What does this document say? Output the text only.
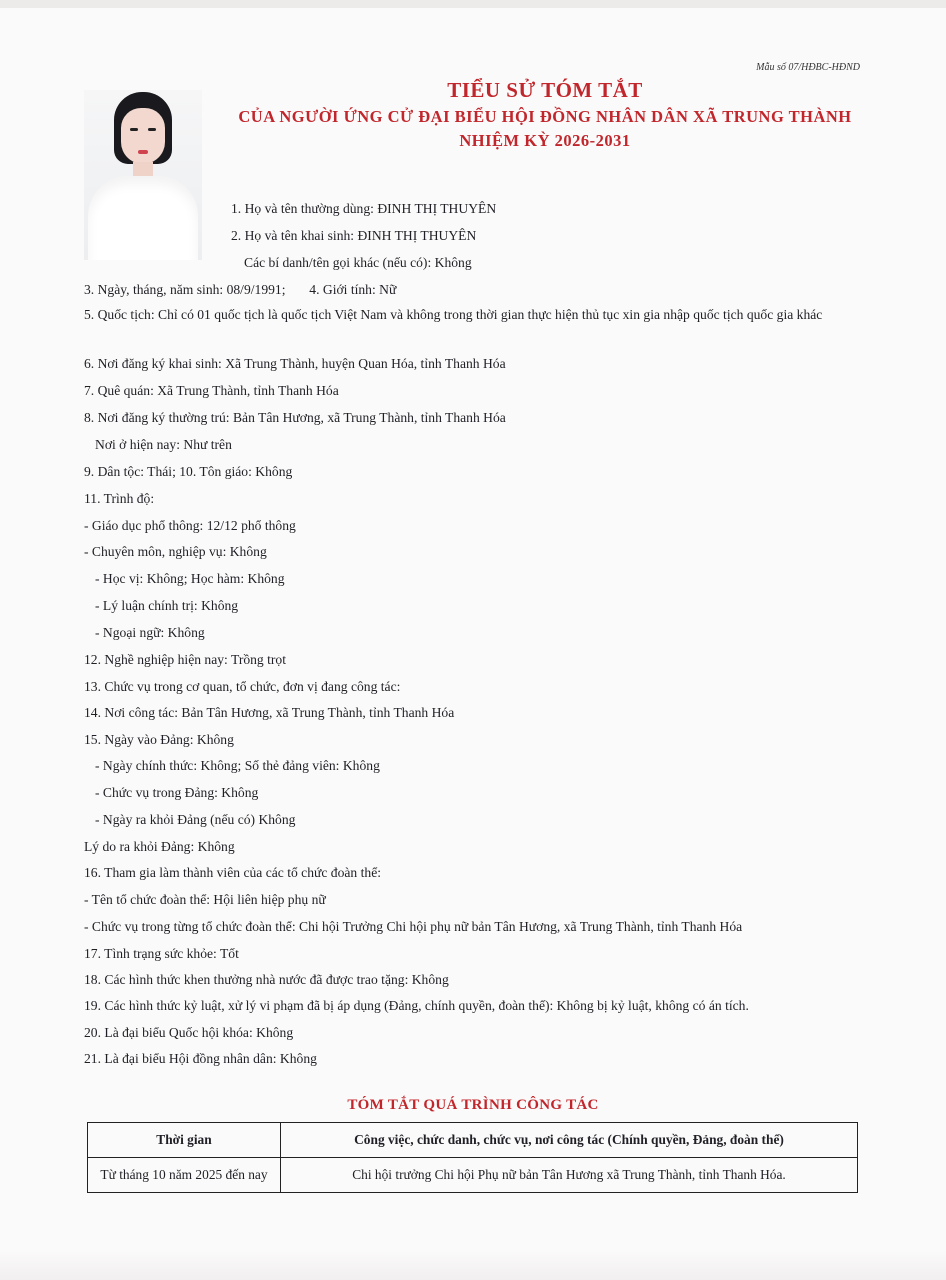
Mẫu số 07/HĐBC-HĐND
TIỂU SỬ TÓM TẮT
CỦA NGƯỜI ỨNG CỬ ĐẠI BIỂU HỘI ĐỒNG NHÂN DÂN XÃ TRUNG THÀNH
NHIỆM KỲ 2026-2031
1. Họ và tên thường dùng: ĐINH THỊ THUYÊN
2. Họ và tên khai sinh: ĐINH THỊ THUYÊN
Các bí danh/tên gọi khác (nếu có): Không
3. Ngày, tháng, năm sinh: 08/9/1991;       4. Giới tính: Nữ
5. Quốc tịch: Chỉ có 01 quốc tịch là quốc tịch Việt Nam và không trong thời gian thực hiện thủ tục xin gia nhập quốc tịch quốc gia khác
6. Nơi đăng ký khai sinh: Xã Trung Thành, huyện Quan Hóa, tỉnh Thanh Hóa
7. Quê quán: Xã Trung Thành, tỉnh Thanh Hóa
8. Nơi đăng ký thường trú: Bản Tân Hương, xã Trung Thành, tỉnh Thanh Hóa
Nơi ở hiện nay: Như trên
9. Dân tộc: Thái; 10. Tôn giáo: Không
11. Trình độ:
- Giáo dục phổ thông: 12/12 phổ thông
- Chuyên môn, nghiệp vụ: Không
- Học vị: Không; Học hàm: Không
- Lý luận chính trị: Không
- Ngoại ngữ: Không
12. Nghề nghiệp hiện nay: Trồng trọt
13. Chức vụ trong cơ quan, tổ chức, đơn vị đang công tác:
14. Nơi công tác: Bản Tân Hương, xã Trung Thành, tỉnh Thanh Hóa
15. Ngày vào Đảng: Không
- Ngày chính thức: Không; Số thẻ đảng viên: Không
- Chức vụ trong Đảng: Không
- Ngày ra khỏi Đảng (nếu có) Không
Lý do ra khỏi Đảng: Không
16. Tham gia làm thành viên của các tổ chức đoàn thể:
- Tên tổ chức đoàn thể: Hội liên hiệp phụ nữ
- Chức vụ trong từng tổ chức đoàn thể: Chi hội Trưởng Chi hội phụ nữ bản Tân Hương, xã Trung Thành, tỉnh Thanh Hóa
17. Tình trạng sức khỏe: Tốt
18. Các hình thức khen thưởng nhà nước đã được trao tặng: Không
19. Các hình thức kỷ luật, xử lý vi phạm đã bị áp dụng (Đảng, chính quyền, đoàn thể): Không bị kỷ luật, không có án tích.
20. Là đại biểu Quốc hội khóa: Không
21. Là đại biểu Hội đồng nhân dân: Không
TÓM TẮT QUÁ TRÌNH CÔNG TÁC
Thời gian	Công việc, chức danh, chức vụ, nơi công tác (Chính quyền, Đảng, đoàn thể)
Từ tháng 10 năm 2025 đến nay	Chi hội trưởng Chi hội Phụ nữ bản Tân Hương xã Trung Thành, tỉnh Thanh Hóa.
